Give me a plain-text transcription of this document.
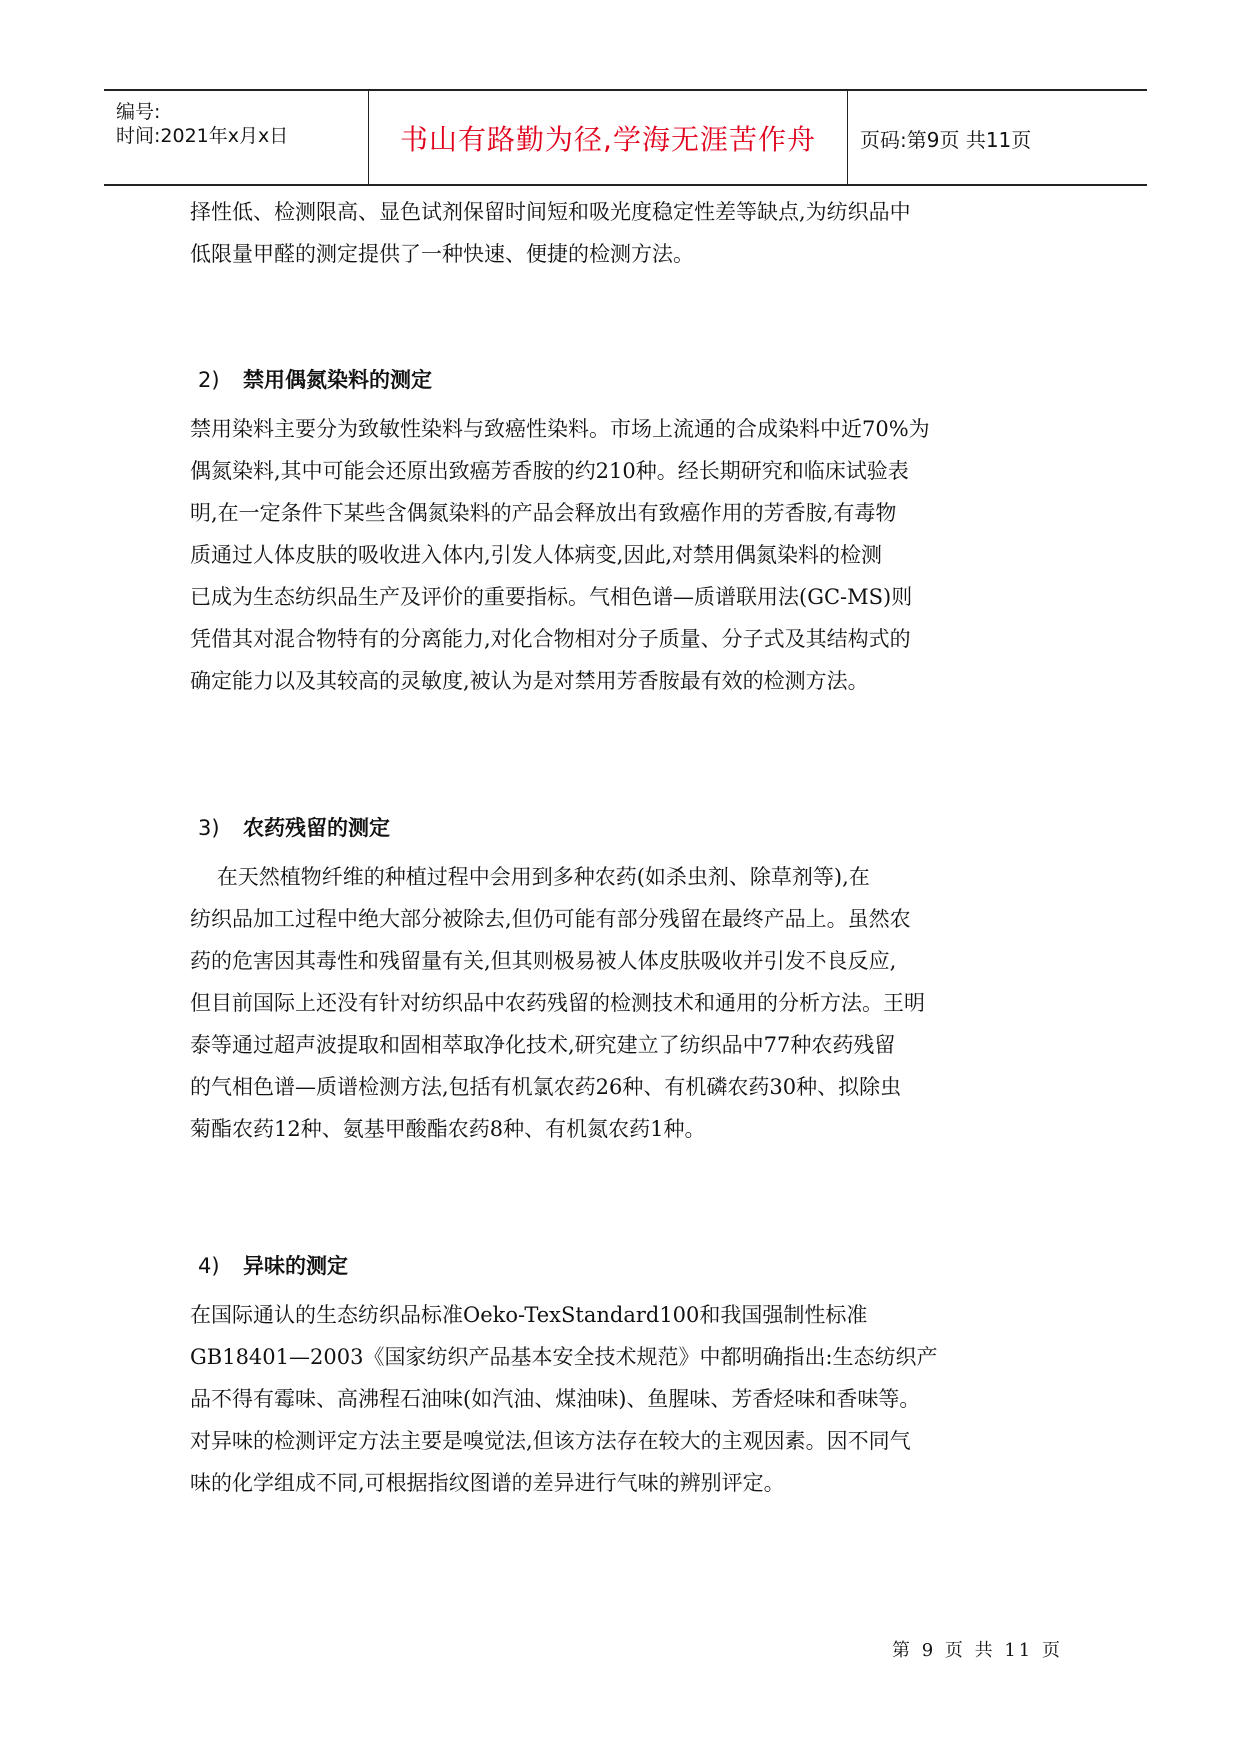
编号:
时间:2021年x月x日	书山有路勤为径,学海无涯苦作舟	页码:第9页 共11页

择性低、检测限高、显色试剂保留时间短和吸光度稳定性差等缺点,为纺织品中
低限量甲醛的测定提供了一种快速、便捷的检测方法。

2) 禁用偶氮染料的测定

禁用染料主要分为致敏性染料与致癌性染料。市场上流通的合成染料中近70%为
偶氮染料,其中可能会还原出致癌芳香胺的约210种。经长期研究和临床试验表
明,在一定条件下某些含偶氮染料的产品会释放出有致癌作用的芳香胺,有毒物
质通过人体皮肤的吸收进入体内,引发人体病变,因此,对禁用偶氮染料的检测
已成为生态纺织品生产及评价的重要指标。气相色谱—质谱联用法(GC-MS)则
凭借其对混合物特有的分离能力,对化合物相对分子质量、分子式及其结构式的
确定能力以及其较高的灵敏度,被认为是对禁用芳香胺最有效的检测方法。

3) 农药残留的测定

在天然植物纤维的种植过程中会用到多种农药(如杀虫剂、除草剂等),在
纺织品加工过程中绝大部分被除去,但仍可能有部分残留在最终产品上。虽然农
药的危害因其毒性和残留量有关,但其则极易被人体皮肤吸收并引发不良反应,
但目前国际上还没有针对纺织品中农药残留的检测技术和通用的分析方法。王明
泰等通过超声波提取和固相萃取净化技术,研究建立了纺织品中77种农药残留
的气相色谱—质谱检测方法,包括有机氯农药26种、有机磷农药30种、拟除虫
菊酯农药12种、氨基甲酸酯农药8种、有机氮农药1种。

4) 异味的测定

在国际通认的生态纺织品标准Oeko-TexStandard100和我国强制性标准
GB18401—2003《国家纺织产品基本安全技术规范》中都明确指出:生态纺织产
品不得有霉味、高沸程石油味(如汽油、煤油味)、鱼腥味、芳香烃味和香味等。
对异味的检测评定方法主要是嗅觉法,但该方法存在较大的主观因素。因不同气
味的化学组成不同,可根据指纹图谱的差异进行气味的辨别评定。

第 9 页 共 11 页
